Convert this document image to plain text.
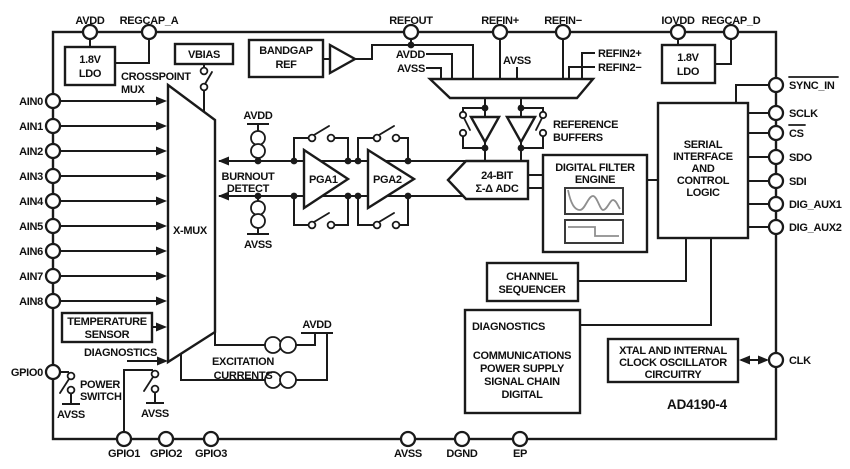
AVDD REGCAP_A	REFOUT	REFIN+ REFIN−	IOVDD REGCAP_D
AIN0
AIN1
AIN2
AIN3
AIN4
AIN5
AIN6
AIN7
AIN8
GPIO0
SYNC_IN
SCLK
CS
SDO
SDI
DIG_AUX1
DIG_AUX2
CLK
GPIO1 GPIO2 GPIO3	AVSS DGND	EP
1.8V
LDO
VBIAS	BANDGAP
REF
CROSSPOINT
MUX
X-MUX
TEMPERATURE
SENSOR
DIAGNOSTICS
BURNOUT
DETECT
PGA1	PGA2	24-BIT
Σ-Δ ADC
REFERENCE
BUFFERS
DIGITAL FILTER
ENGINE
SERIAL
INTERFACE
AND
CONTROL
LOGIC
CHANNEL
SEQUENCER
DIAGNOSTICS
COMMUNICATIONS
POWER SUPPLY
SIGNAL CHAIN
DIGITAL
XTAL AND INTERNAL
CLOCK OSCILLATOR
CIRCUITRY
EXCITATION
CURRENTS
POWER
SWITCH
AVDD
AVSS
AVDD
AVSS
AVSS
REFIN2+
REFIN2−
AVDD
AVSS	AVSS
1.8V
LDO
AD4190-4
